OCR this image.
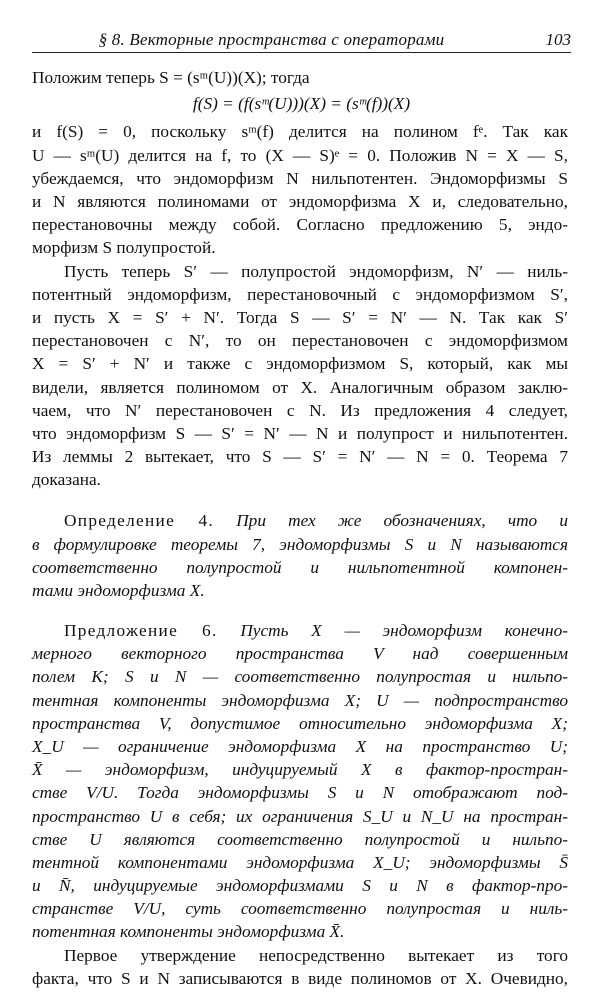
§ 8. Векторные пространства с операторами	103
Положим теперь S = (sᵐ(U))(X); тогда
f(S) = (f(sᵐ(U)))(X) = (sᵐ(f))(X)
и f(S) = 0, поскольку sᵐ(f) делится на полином fᵉ. Так как
U — sᵐ(U) делится на f, то (X — S)ᵉ = 0. Положив N = X — S,
убеждаемся, что эндоморфизм N нильпотентен. Эндоморфизмы S
и N являются полиномами от эндоморфизма X и, следовательно,
перестановочны между собой. Согласно предложению 5, эндо-
морфизм S полупростой.
Пусть теперь S′ — полупростой эндоморфизм, N′ — ниль-
потентный эндоморфизм, перестановочный с эндоморфизмом S′,
и пусть X = S′ + N′. Тогда S — S′ = N′ — N. Так как S′
перестановочен с N′, то он перестановочен с эндоморфизмом
X = S′ + N′ и также с эндоморфизмом S, который, как мы
видели, является полиномом от X. Аналогичным образом заклю-
чаем, что N′ перестановочен с N. Из предложения 4 следует,
что эндоморфизм S — S′ = N′ — N и полупрост и нильпотентен.
Из леммы 2 вытекает, что S — S′ = N′ — N = 0. Теорема 7
доказана.
Определение 4. При тех же обозначениях, что и
в формулировке теоремы 7, эндоморфизмы S и N называются
соответственно полупростой и нильпотентной компонен-
тами эндоморфизма X.
Предложение 6. Пусть X — эндоморфизм конечно-
мерного векторного пространства V над совершенным
полем K; S и N — соответственно полупростая и нильпо-
тентная компоненты эндоморфизма X; U — подпространство
пространства V, допустимое относительно эндоморфизма X;
X_U — ограничение эндоморфизма X на пространство U;
X̄ — эндоморфизм, индуцируемый X в фактор-простран-
стве V/U. Тогда эндоморфизмы S и N отображают под-
пространство U в себя; их ограничения S_U и N_U на простран-
стве U являются соответственно полупростой и нильпо-
тентной компонентами эндоморфизма X_U; эндоморфизмы S̄
и N̄, индуцируемые эндоморфизмами S и N в фактор-про-
странстве V/U, суть соответственно полупростая и ниль-
потентная компоненты эндоморфизма X̄.
Первое утверждение непосредственно вытекает из того
факта, что S и N записываются в виде полиномов от X. Очевидно,
